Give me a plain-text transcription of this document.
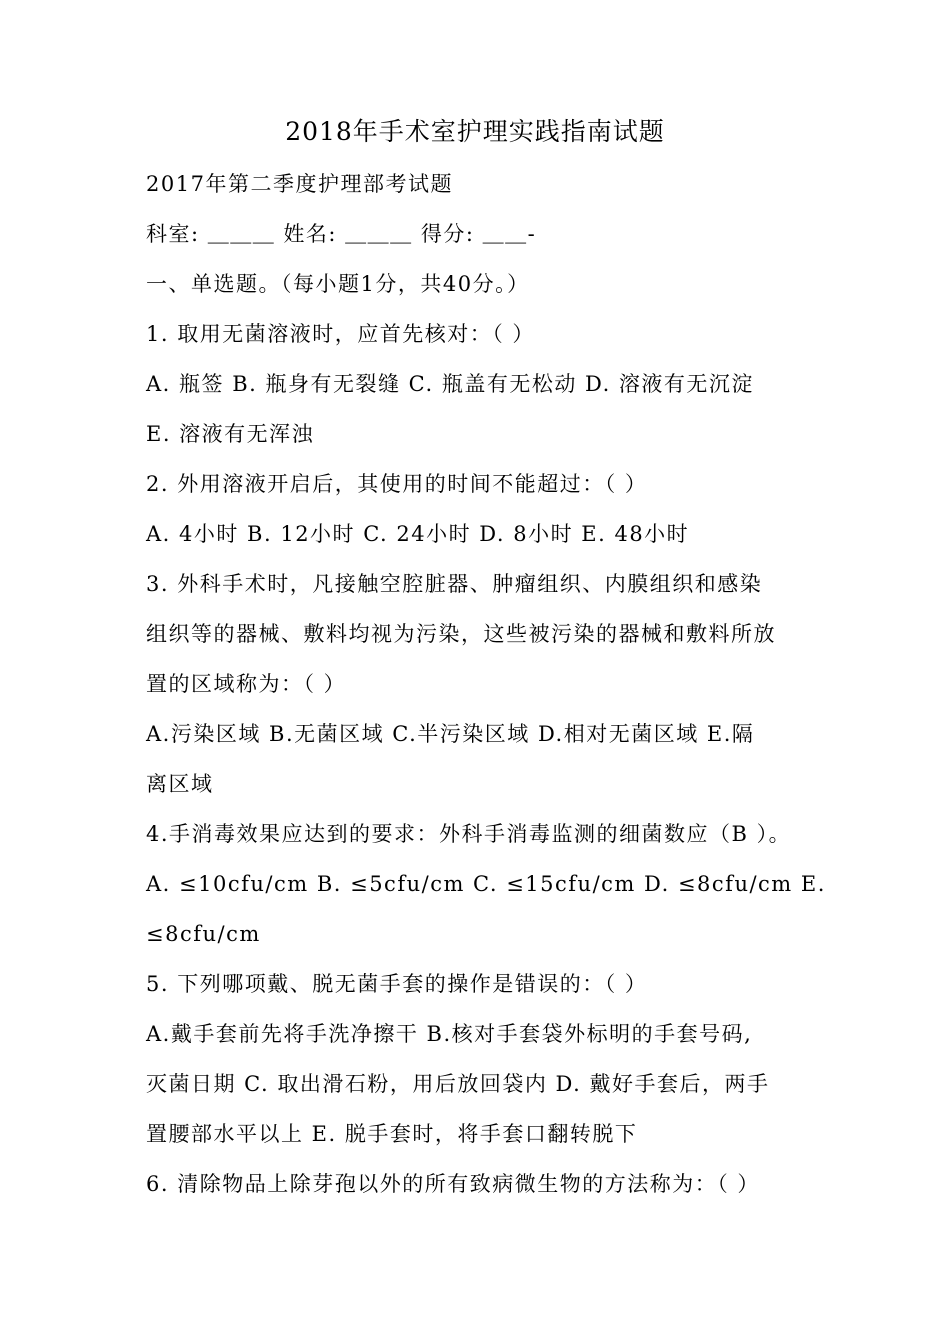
2018年手术室护理实践指南试题
2017年第二季度护理部考试题
科室: ＿＿＿ 姓名: ＿＿＿ 得分: ＿＿-
一、单选题。（每小题1分，共40分。）
1. 取用无菌溶液时，应首先核对：（ ）
A. 瓶签 B. 瓶身有无裂缝 C. 瓶盖有无松动 D. 溶液有无沉淀
E. 溶液有无浑浊
2. 外用溶液开启后，其使用的时间不能超过：（ ）
A. 4小时 B. 12小时 C. 24小时 D. 8小时 E. 48小时
3. 外科手术时，凡接触空腔脏器、肿瘤组织、内膜组织和感染
组织等的器械、敷料均视为污染，这些被污染的器械和敷料所放
置的区域称为：（ ）
A.污染区域 B.无菌区域 C.半污染区域 D.相对无菌区域 E.隔
离区域
4.手消毒效果应达到的要求：外科手消毒监测的细菌数应（B ）。
A. ≤10cfu/cm B. ≤5cfu/cm C. ≤15cfu/cm D. ≤8cfu/cm E.
≤8cfu/cm
5. 下列哪项戴、脱无菌手套的操作是错误的：（ ）
A.戴手套前先将手洗净擦干 B.核对手套袋外标明的手套号码,
灭菌日期 C. 取出滑石粉，用后放回袋内 D. 戴好手套后，两手
置腰部水平以上 E. 脱手套时，将手套口翻转脱下
6. 清除物品上除芽孢以外的所有致病微生物的方法称为：（ ）
